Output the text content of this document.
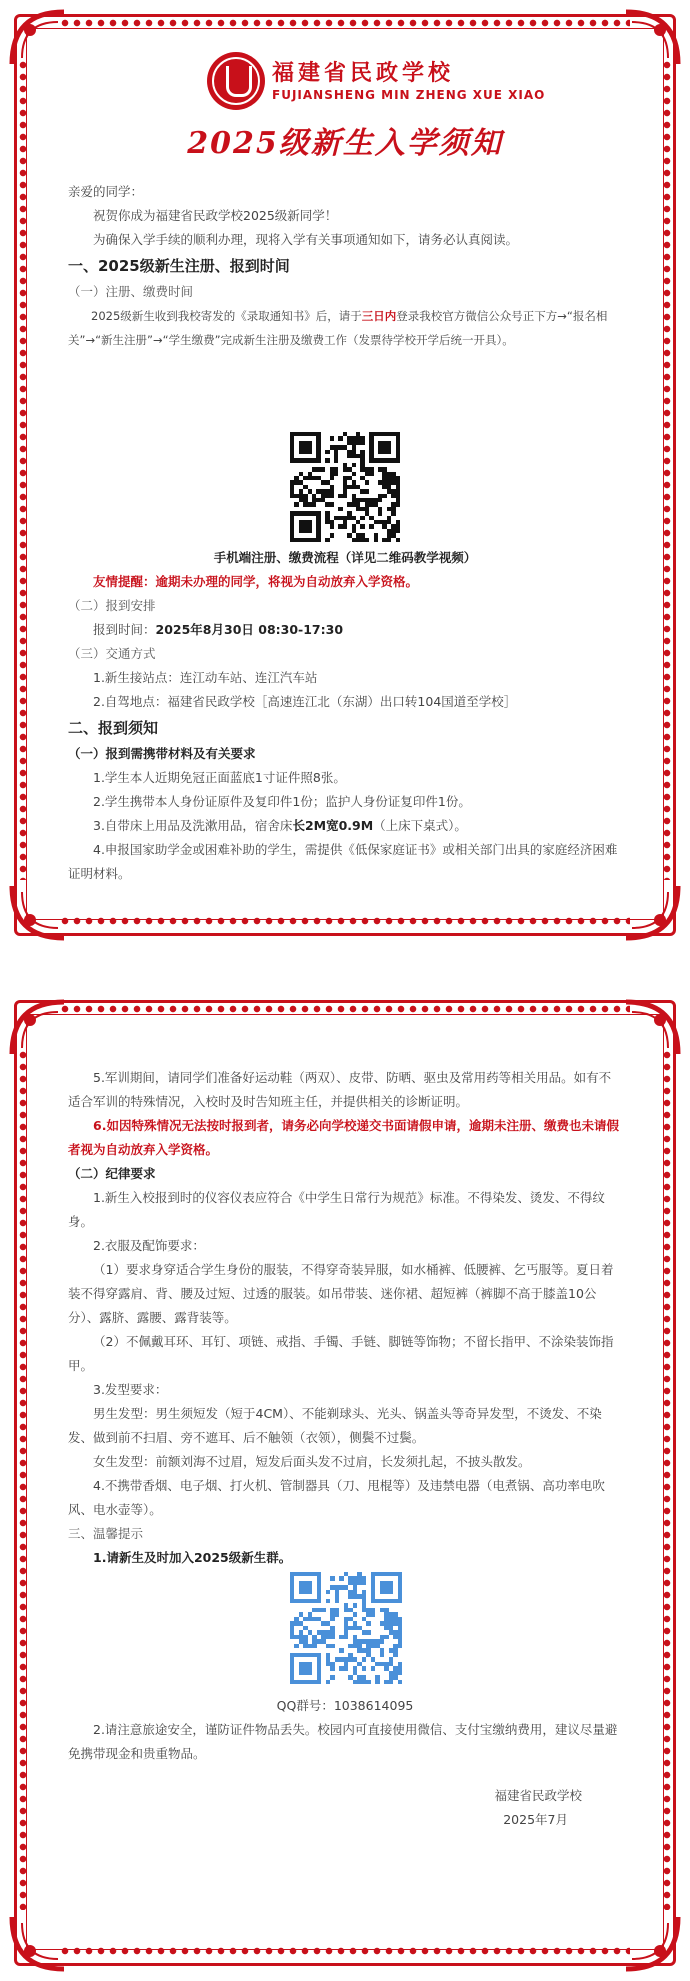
福建省民政学校
FUJIANSHENG MIN ZHENG XUE XIAO
2025级新生入学须知

亲爱的同学：

祝贺你成为福建省民政学校2025级新同学！

为确保入学手续的顺利办理，现将入学有关事项通知如下，请务必认真阅读。

一、2025级新生注册、报到时间

（一）注册、缴费时间

2025级新生收到我校寄发的《录取通知书》后，请于三日内登录我校官方微信公众号正下方→“报名相关”→“新生注册”→“学生缴费”完成新生注册及缴费工作（发票待学校开学后统一开具）。

手机端注册、缴费流程（详见二维码教学视频）

友情提醒：逾期未办理的同学，将视为自动放弃入学资格。

（二）报到安排

报到时间：2025年8月30日 08:30-17:30

（三）交通方式

1.新生接站点：连江动车站、连江汽车站

2.自驾地点：福建省民政学校［高速连江北（东湖）出口转104国道至学校］

二、报到须知

（一）报到需携带材料及有关要求

1.学生本人近期免冠正面蓝底1寸证件照8张。

2.学生携带本人身份证原件及复印件1份；监护人身份证复印件1份。

3.自带床上用品及洗漱用品，宿舍床长2M宽0.9M（上床下桌式）。

4.申报国家助学金或困难补助的学生，需提供《低保家庭证书》或相关部门出具的家庭经济困难证明材料。

5.军训期间，请同学们准备好运动鞋（两双）、皮带、防晒、驱虫及常用药等相关用品。如有不适合军训的特殊情况，入校时及时告知班主任，并提供相关的诊断证明。

6.如因特殊情况无法按时报到者，请务必向学校递交书面请假申请，逾期未注册、缴费也未请假者视为自动放弃入学资格。

（二）纪律要求

1.新生入校报到时的仪容仪表应符合《中学生日常行为规范》标准。不得染发、烫发、不得纹身。

2.衣服及配饰要求：

（1）要求身穿适合学生身份的服装，不得穿奇装异服，如水桶裤、低腰裤、乞丐服等。夏日着装不得穿露肩、背、腰及过短、过透的服装。如吊带装、迷你裙、超短裤（裤脚不高于膝盖10公分）、露脐、露腰、露背装等。

（2）不佩戴耳环、耳钉、项链、戒指、手镯、手链、脚链等饰物；不留长指甲、不涂染装饰指甲。

3.发型要求：

男生发型：男生须短发（短于4CM）、不能剃球头、光头、锅盖头等奇异发型，不烫发、不染发、做到前不扫眉、旁不遮耳、后不触领（衣领），侧鬓不过鬓。

女生发型：前额刘海不过眉，短发后面头发不过肩，长发须扎起，不披头散发。

4.不携带香烟、电子烟、打火机、管制器具（刀、甩棍等）及违禁电器（电煮锅、高功率电吹风、电水壶等）。

三、温馨提示

1.请新生及时加入2025级新生群。

QQ群号：1038614095

2.请注意旅途安全，谨防证件物品丢失。校园内可直接使用微信、支付宝缴纳费用，建议尽量避免携带现金和贵重物品。

福建省民政学校

2025年7月
